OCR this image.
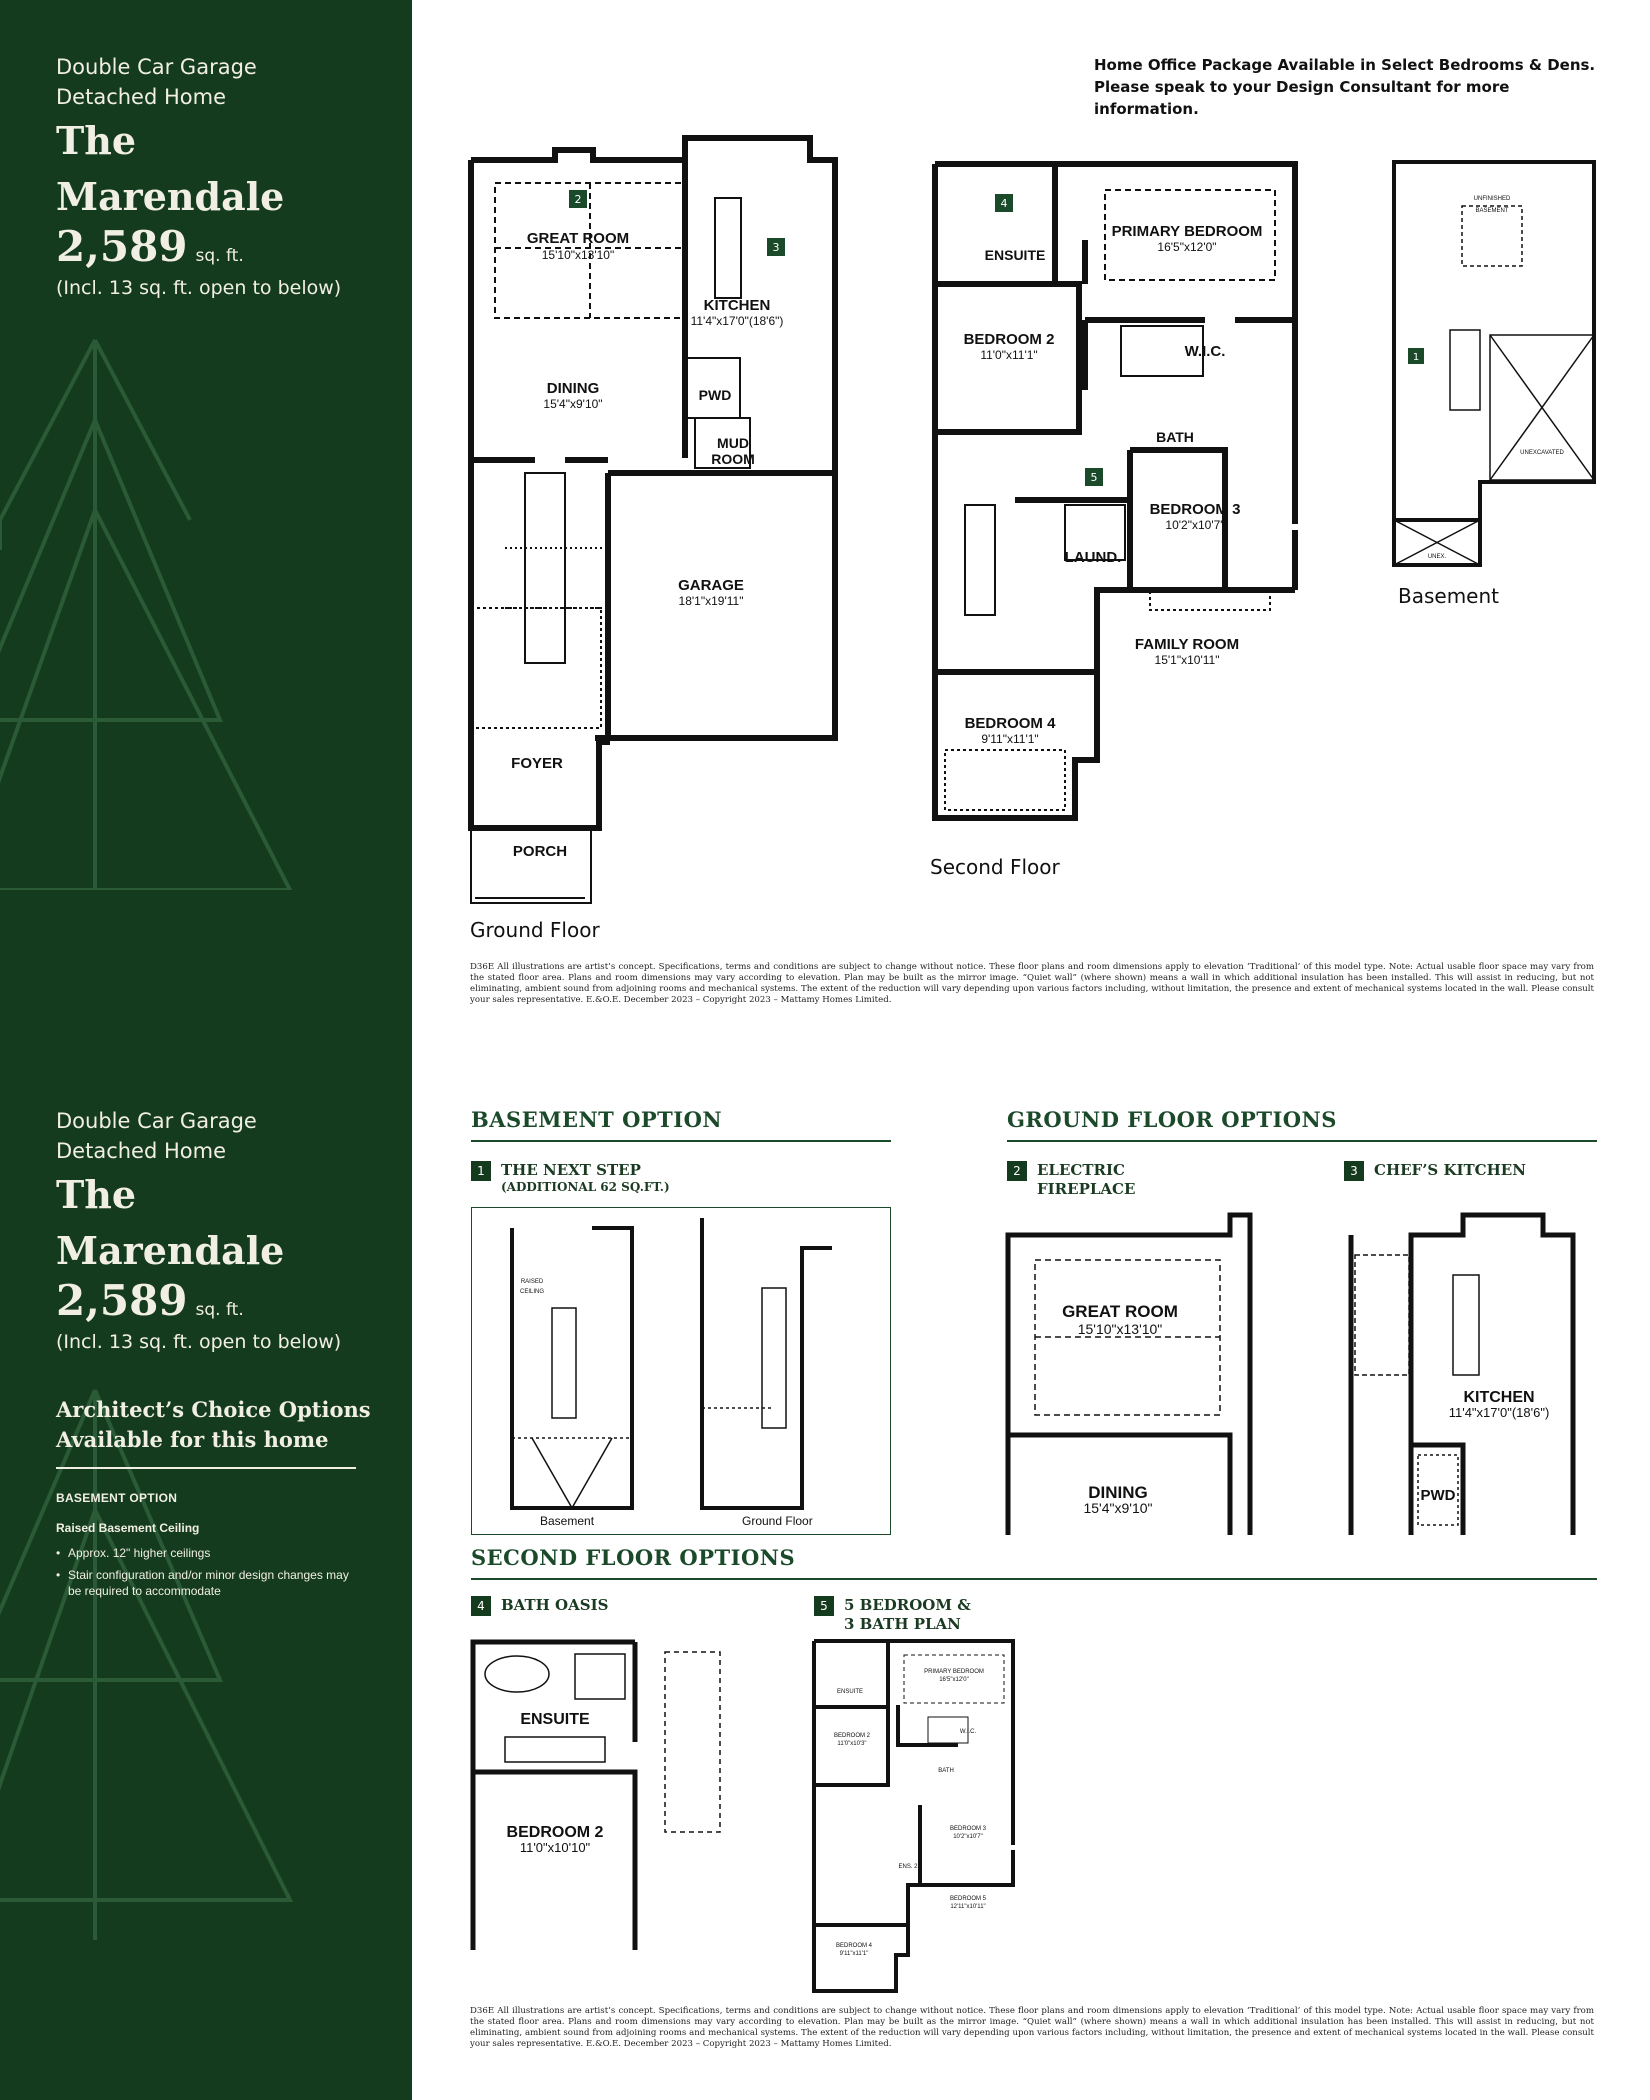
Double Car Garage
Detached Home
The
Marendale
2,589 sq. ft.
(Incl. 13 sq. ft. open to below)
Double Car Garage
Detached Home
The
Marendale
2,589 sq. ft.
(Incl. 13 sq. ft. open to below)
Architect’s Choice Options
Available for this home
BASEMENT OPTION
Raised Basement Ceiling
• Approx. 12" higher ceilings
• Stair configuration and/or minor design changes may be required to accommodate
Home Office Package Available in Select Bedrooms & Dens.
Please speak to your Design Consultant for more information.
2
3
GREAT ROOM
15'10"x13'10"
KITCHEN
11'4"x17'0"(18'6")
DINING
15'4"x9'10"
PWD
MUD
ROOM
GARAGE
18'1"x19'11"
FOYER
PORCH
Ground Floor
4
5
ENSUITE
PRIMARY BEDROOM
16'5"x12'0"
BEDROOM 2
11'0"x11'1"	W.I.C.
BATH
BEDROOM 3
10'2"x10'7"
LAUND.
FAMILY ROOM
15'1"x10'11"
BEDROOM 4
9'11"x11'1"
Second Floor
1
UNFINISHED
BASEMENT
UNEXCAVATED
UNEX.
Basement
D36E All illustrations are artist’s concept. Specifications, terms and conditions are subject to change without notice. These floor plans and room dimensions apply to elevation ‘Traditional’ of this model type. Note: Actual usable floor space may vary from the stated floor area. Plans and room dimensions may vary according to elevation. Plan may be built as the mirror image. “Quiet wall” (where shown) means a wall in which additional insulation has been installed. This will assist in reducing, but not eliminating, ambient sound from adjoining rooms and mechanical systems. The extent of the reduction will vary depending upon various factors including, without limitation, the presence and extent of mechanical systems located in the wall. Please consult your sales representative. E.&O.E. December 2023 – Copyright 2023 – Mattamy Homes Limited.
BASEMENT OPTION	GROUND FLOOR OPTIONS
1	THE NEXT STEP
(ADDITIONAL 62 SQ.FT.)
RAISED
CEILING
Basement	Ground Floor
2	ELECTRIC
FIREPLACE
GREAT ROOM
15'10"x13'10"
DINING
15'4"x9'10"
3	CHEF’S KITCHEN
KITCHEN
11'4"x17'0"(18'6")
PWD
SECOND FLOOR OPTIONS
4	BATH OASIS
ENSUITE
BEDROOM 2
11'0"x10'10"
5	5 BEDROOM &
3 BATH PLAN
PRIMARY BEDROOM
16'5"x12'0"
ENSUITE
BEDROOM 2
11'0"x10'3"
W.I.C.
BATH
BEDROOM 3
10'2"x10'7"
ENS. 2
BEDROOM 5
12'11"x10'11"
BEDROOM 4
9'11"x11'1"
D36E All illustrations are artist’s concept. Specifications, terms and conditions are subject to change without notice. These floor plans and room dimensions apply to elevation ‘Traditional’ of this model type. Note: Actual usable floor space may vary from the stated floor area. Plans and room dimensions may vary according to elevation. Plan may be built as the mirror image. “Quiet wall” (where shown) means a wall in which additional insulation has been installed. This will assist in reducing, but not eliminating, ambient sound from adjoining rooms and mechanical systems. The extent of the reduction will vary depending upon various factors including, without limitation, the presence and extent of mechanical systems located in the wall. Please consult your sales representative. E.&O.E. December 2023 – Copyright 2023 – Mattamy Homes Limited.
